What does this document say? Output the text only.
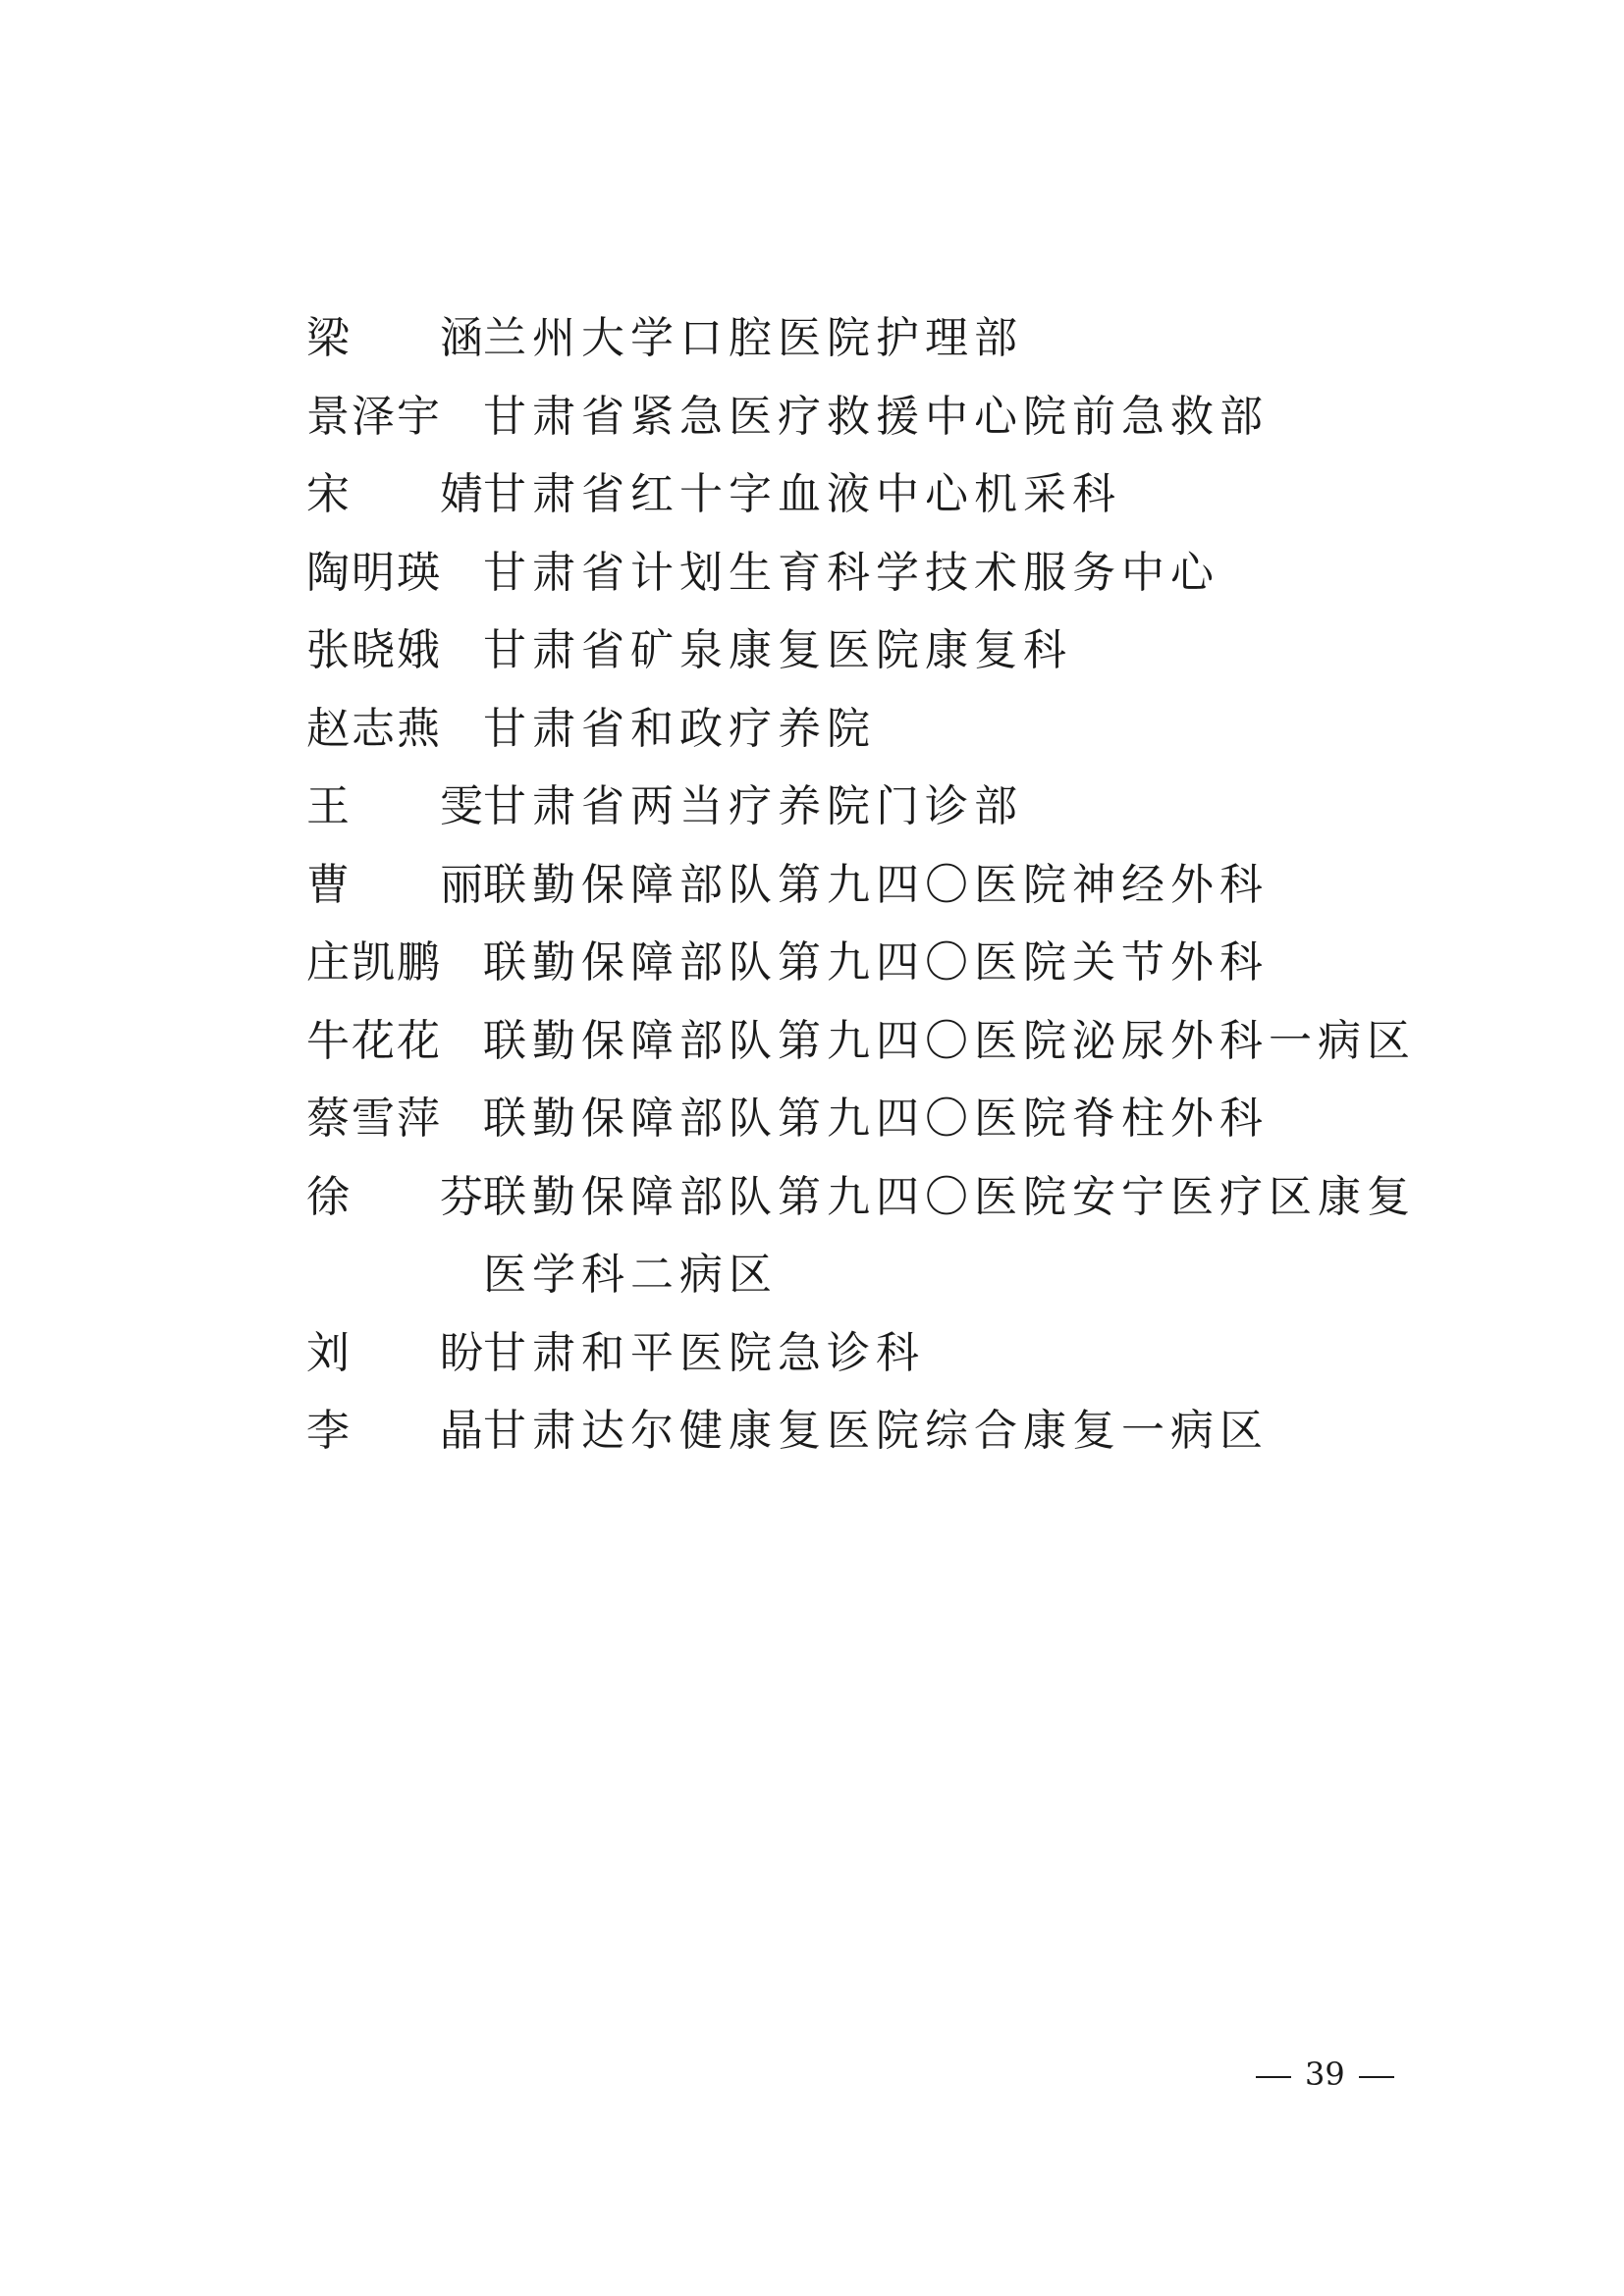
梁 涵 兰州大学口腔医院护理部
景泽宇 甘肃省紧急医疗救援中心院前急救部
宋 婧 甘肃省红十字血液中心机采科
陶明瑛 甘肃省计划生育科学技术服务中心
张晓娥 甘肃省矿泉康复医院康复科
赵志燕 甘肃省和政疗养院
王 雯 甘肃省两当疗养院门诊部
曹 丽 联勤保障部队第九四〇医院神经外科
庄凯鹏 联勤保障部队第九四〇医院关节外科
牛花花 联勤保障部队第九四〇医院泌尿外科一病区
蔡雪萍 联勤保障部队第九四〇医院脊柱外科
徐 芬 联勤保障部队第九四〇医院安宁医疗区康复医学科二病区
刘 盼 甘肃和平医院急诊科
李 晶 甘肃达尔健康复医院综合康复一病区
39
